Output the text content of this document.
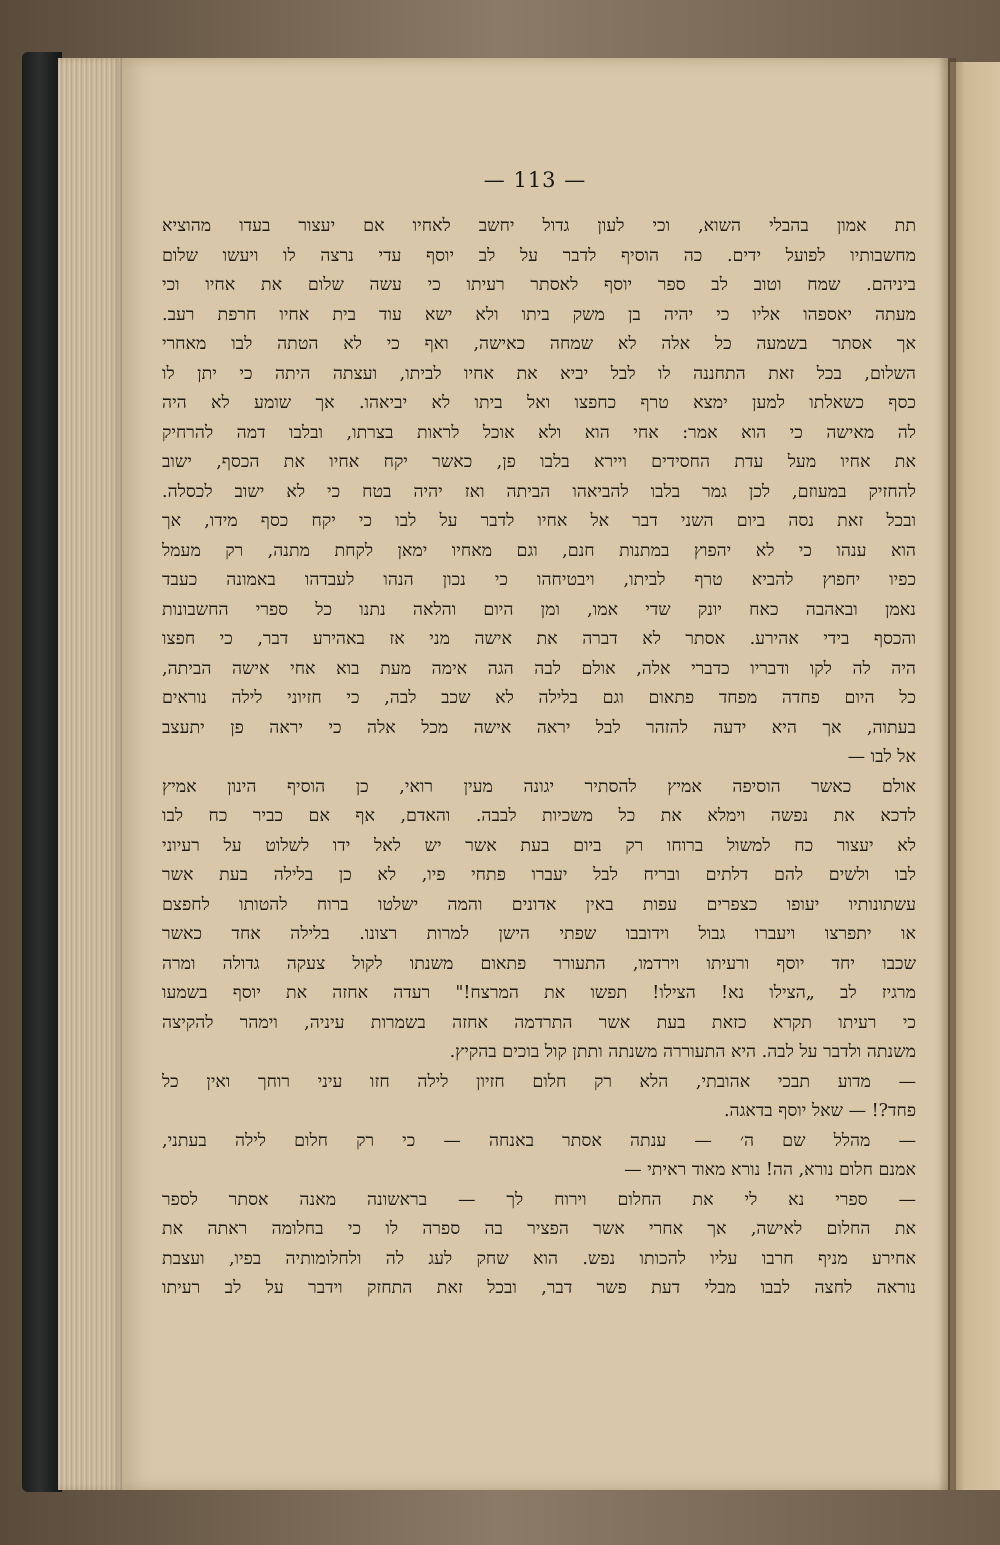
— 113 —
תת אמון בהבלי השוא, וכי לעון גדול יחשב לאחיו אם יעצור בעדו מהוציא
מחשבותיו לפועל ידים. כה הוסיף לדבר על לב יוסף עדי נרצה לו ויעשו שלום
ביניהם. שמח וטוב לב ספר יוסף לאסתר רעיתו כי עשה שלום את אחיו וכי
מעתה יאספהו אליו כי יהיה בן משק ביתו ולא ישא עוד בית אחיו חרפת רעב.
אך אסתר בשמעה כל אלה לא שמחה כאישה, ואף כי לא הטתה לבו מאחרי
השלום, בכל זאת התחננה לו לבל יביא את אחיו לביתו, ועצתה היתה כי יתן לו
כסף כשאלתו למען ימצא טרף כחפצו ואל ביתו לא יביאהו. אך שומע לא היה
לה מאישה כי הוא אמר: אחי הוא ולא אוכל לראות בצרתו, ובלבו דמה להרחיק
את אחיו מעל עדת החסידים ויירא בלבו פן, כאשר יקח אחיו את הכסף, ישוב
להחזיק במעוזם, לכן גמר בלבו להביאהו הביתה ואז יהיה בטח כי לא ישוב לכסלה.
ובכל זאת נסה ביום השני דבר אל אחיו לדבר על לבו כי יקח כסף מידו, אך
הוא ענהו כי לא יהפוץ במתנות חנם, וגם מאחיו ימאן לקחת מתנה, רק מעמל
כפיו יחפוץ להביא טרף לביתו, ויבטיחהו כי נכון הנהו לעבדהו באמונה כעבד
נאמן ובאהבה כאח יונק שדי אמו, ומן היום והלאה נתנו כל ספרי החשבונות
והכסף בידי אהירע. אסתר לא דברה את אישה מני אז באהירע דבר, כי חפצו
היה לה לקו ודבריו כדברי אלה, אולם לבה הגה אימה מעת בוא אחי אישה הביתה,
כל היום פחדה מפחד פתאום וגם בלילה לא שכב לבה, כי חזיוני לילה נוראים
בעתוה, אך היא ידעה להזהר לבל יראה אישה מכל אלה כי יראה פן יתעצב
אל לבו —
אולם כאשר הוסיפה אמיץ להסתיר יגונה מעין רואי, כן הוסיף הינון אמיץ
לדכא את נפשה וימלא את כל משכיות לבבה. והאדם, אף אם כביר כח לבו
לא יעצור כח למשול ברוחו רק ביום בעת אשר יש לאל ידו לשלוט על רעיוני
לבו ולשים להם דלתים ובריח לבל יעברו פתחי פיו, לא כן בלילה בעת אשר
עשתונותיו יעופו כצפרים עפות באין אדונים והמה ישלטו ברוח להטותו לחפצם
או יתפרצו ויעברו גבול וידובבו שפתי הישן למרות רצונו. בלילה אחד כאשר
שכבו יחד יוסף ורעיתו וירדמו, התעורר פתאום משנתו לקול צעקה גדולה ומרה
מרגיז לב „הצילו נא! הצילו! תפשו את המרצח!" רעדה אחזה את יוסף בשמעו
כי רעיתו תקרא כזאת בעת אשר התרדמה אחזה בשמרות עיניה, וימהר להקיצה
משנתה ולדבר על לבה. היא התעוררה משנתה ותתן קול בוכים בהקיץ.
— מדוע תבכי אהובתי, הלא רק חלום חזיון לילה חזו עיני רוחך ואין כל
פחד?! — שאל יוסף בדאגה.
— מהלל שם ה׳ — ענתה אסתר באנחה — כי רק חלום לילה בעתני,
אמנם חלום נורא, הה! נורא מאוד ראיתי —
— ספרי נא לי את החלום וירוח לך — בראשונה מאנה אסתר לספר
את החלום לאישה, אך אחרי אשר הפציר בה ספרה לו כי בחלומה ראתה את
אחירע מניף חרבו עליו להכותו נפש. הוא שחק לעג לה ולחלומותיה בפיו, ועצבת
נוראה לחצה לבבו מבלי דעת פשר דבר, ובכל זאת התחזק וידבר על לב רעיתו
